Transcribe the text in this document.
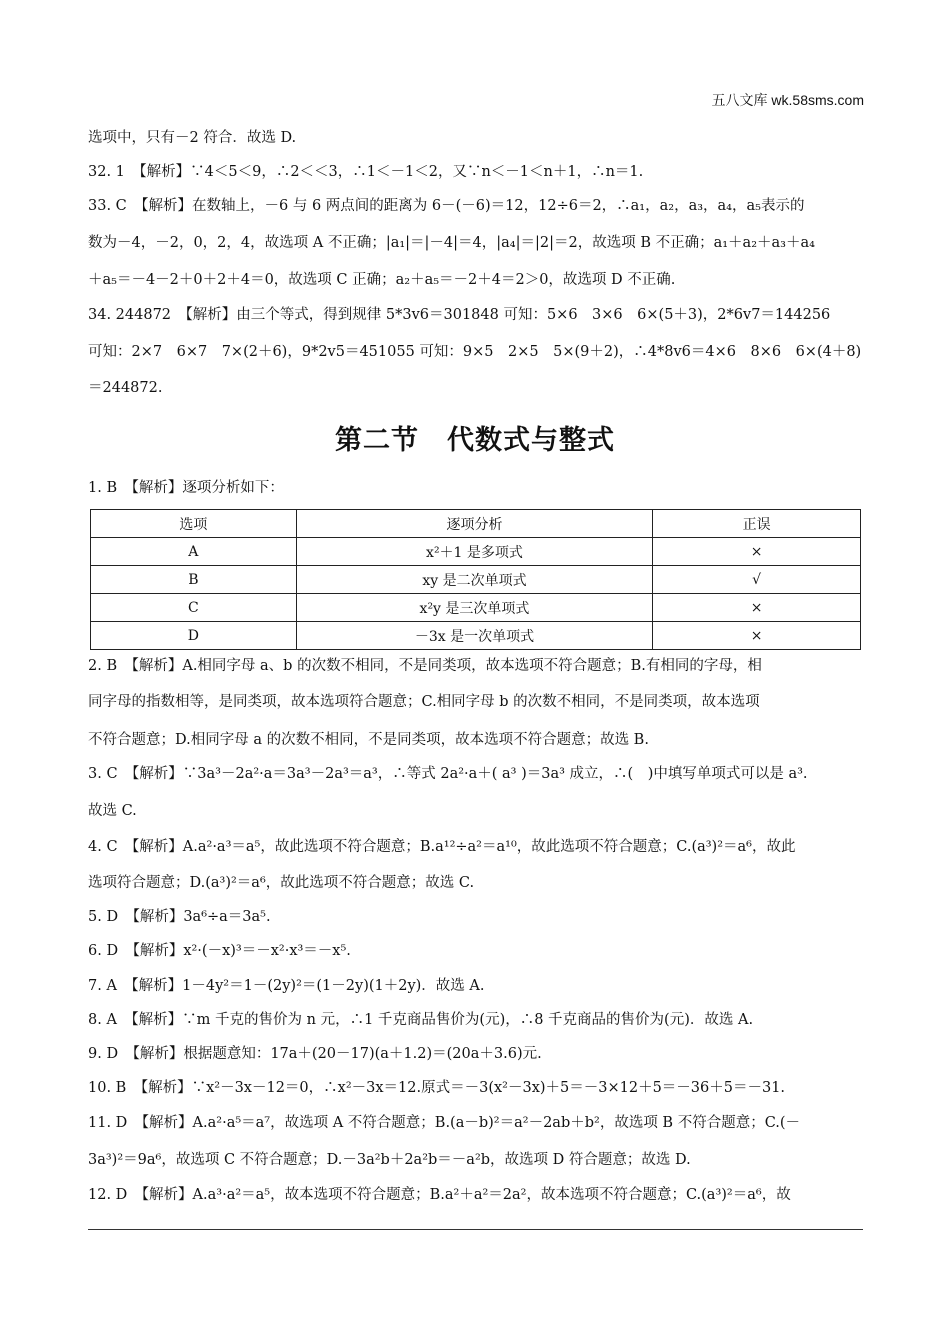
五八文库 wk.58sms.com
选项中，只有－2 符合．故选 D.
32. 1　【解析】∵4＜5＜9，∴2＜＜3，∴1＜－1＜2，又∵n＜－1＜n＋1，∴n＝1.
33. C　【解析】在数轴上，－6 与 6 两点间的距离为 6－(－6)＝12，12÷6＝2，∴a₁，a₂，a₃，a₄，a₅表示的
数为－4，－2，0，2，4，故选项 A 不正确；|a₁|＝|－4|＝4，|a₄|＝|2|＝2，故选项 B 不正确；a₁＋a₂＋a₃＋a₄
＋a₅＝－4－2＋0＋2＋4＝0，故选项 C 正确；a₂＋a₅＝－2＋4＝2＞0，故选项 D 不正确.
34. 244872　【解析】由三个等式，得到规律 5*3v6＝301848 可知：5×6　3×6　6×(5＋3)，2*6v7＝144256
可知：2×7　6×7　7×(2＋6)，9*2v5＝451055 可知：9×5　2×5　5×(9＋2)，∴4*8v6＝4×6　8×6　6×(4＋8)
＝244872.
第二节　代数式与整式
1. B　【解析】逐项分析如下：
选项	逐项分析	正误
A	x²＋1 是多项式	×
B	xy 是二次单项式	√
C	x²y 是三次单项式	×
D	－3x 是一次单项式	×
2. B　【解析】A.相同字母 a、b 的次数不相同，不是同类项，故本选项不符合题意；B.有相同的字母，相
同字母的指数相等，是同类项，故本选项符合题意；C.相同字母 b 的次数不相同，不是同类项，故本选项
不符合题意；D.相同字母 a 的次数不相同，不是同类项，故本选项不符合题意；故选 B.
3. C　【解析】∵3a³－2a²·a＝3a³－2a³＝a³，∴等式 2a²·a＋( a³ )＝3a³ 成立，∴(　)中填写单项式可以是 a³.
故选 C.
4. C　【解析】A.a²·a³＝a⁵，故此选项不符合题意；B.a¹²÷a²＝a¹⁰，故此选项不符合题意；C.(a³)²＝a⁶，故此
选项符合题意；D.(a³)²＝a⁶，故此选项不符合题意；故选 C.
5. D　【解析】3a⁶÷a＝3a⁵.
6. D　【解析】x²·(－x)³＝－x²·x³＝－x⁵.
7. A　【解析】1－4y²＝1－(2y)²＝(1－2y)(1＋2y)．故选 A.
8. A　【解析】∵m 千克的售价为 n 元，∴1 千克商品售价为(元)，∴8 千克商品的售价为(元)．故选 A.
9. D　【解析】根据题意知：17a＋(20－17)(a＋1.2)＝(20a＋3.6)元.
10. B　【解析】∵x²－3x－12＝0，∴x²－3x＝12.原式＝－3(x²－3x)＋5＝－3×12＋5＝－36＋5＝－31.
11. D　【解析】A.a²·a⁵＝a⁷，故选项 A 不符合题意；B.(a－b)²＝a²－2ab＋b²，故选项 B 不符合题意；C.(－
3a³)²＝9a⁶，故选项 C 不符合题意；D.－3a²b＋2a²b＝－a²b，故选项 D 符合题意；故选 D.
12. D　【解析】A.a³·a²＝a⁵，故本选项不符合题意；B.a²＋a²＝2a²，故本选项不符合题意；C.(a³)²＝a⁶，故
